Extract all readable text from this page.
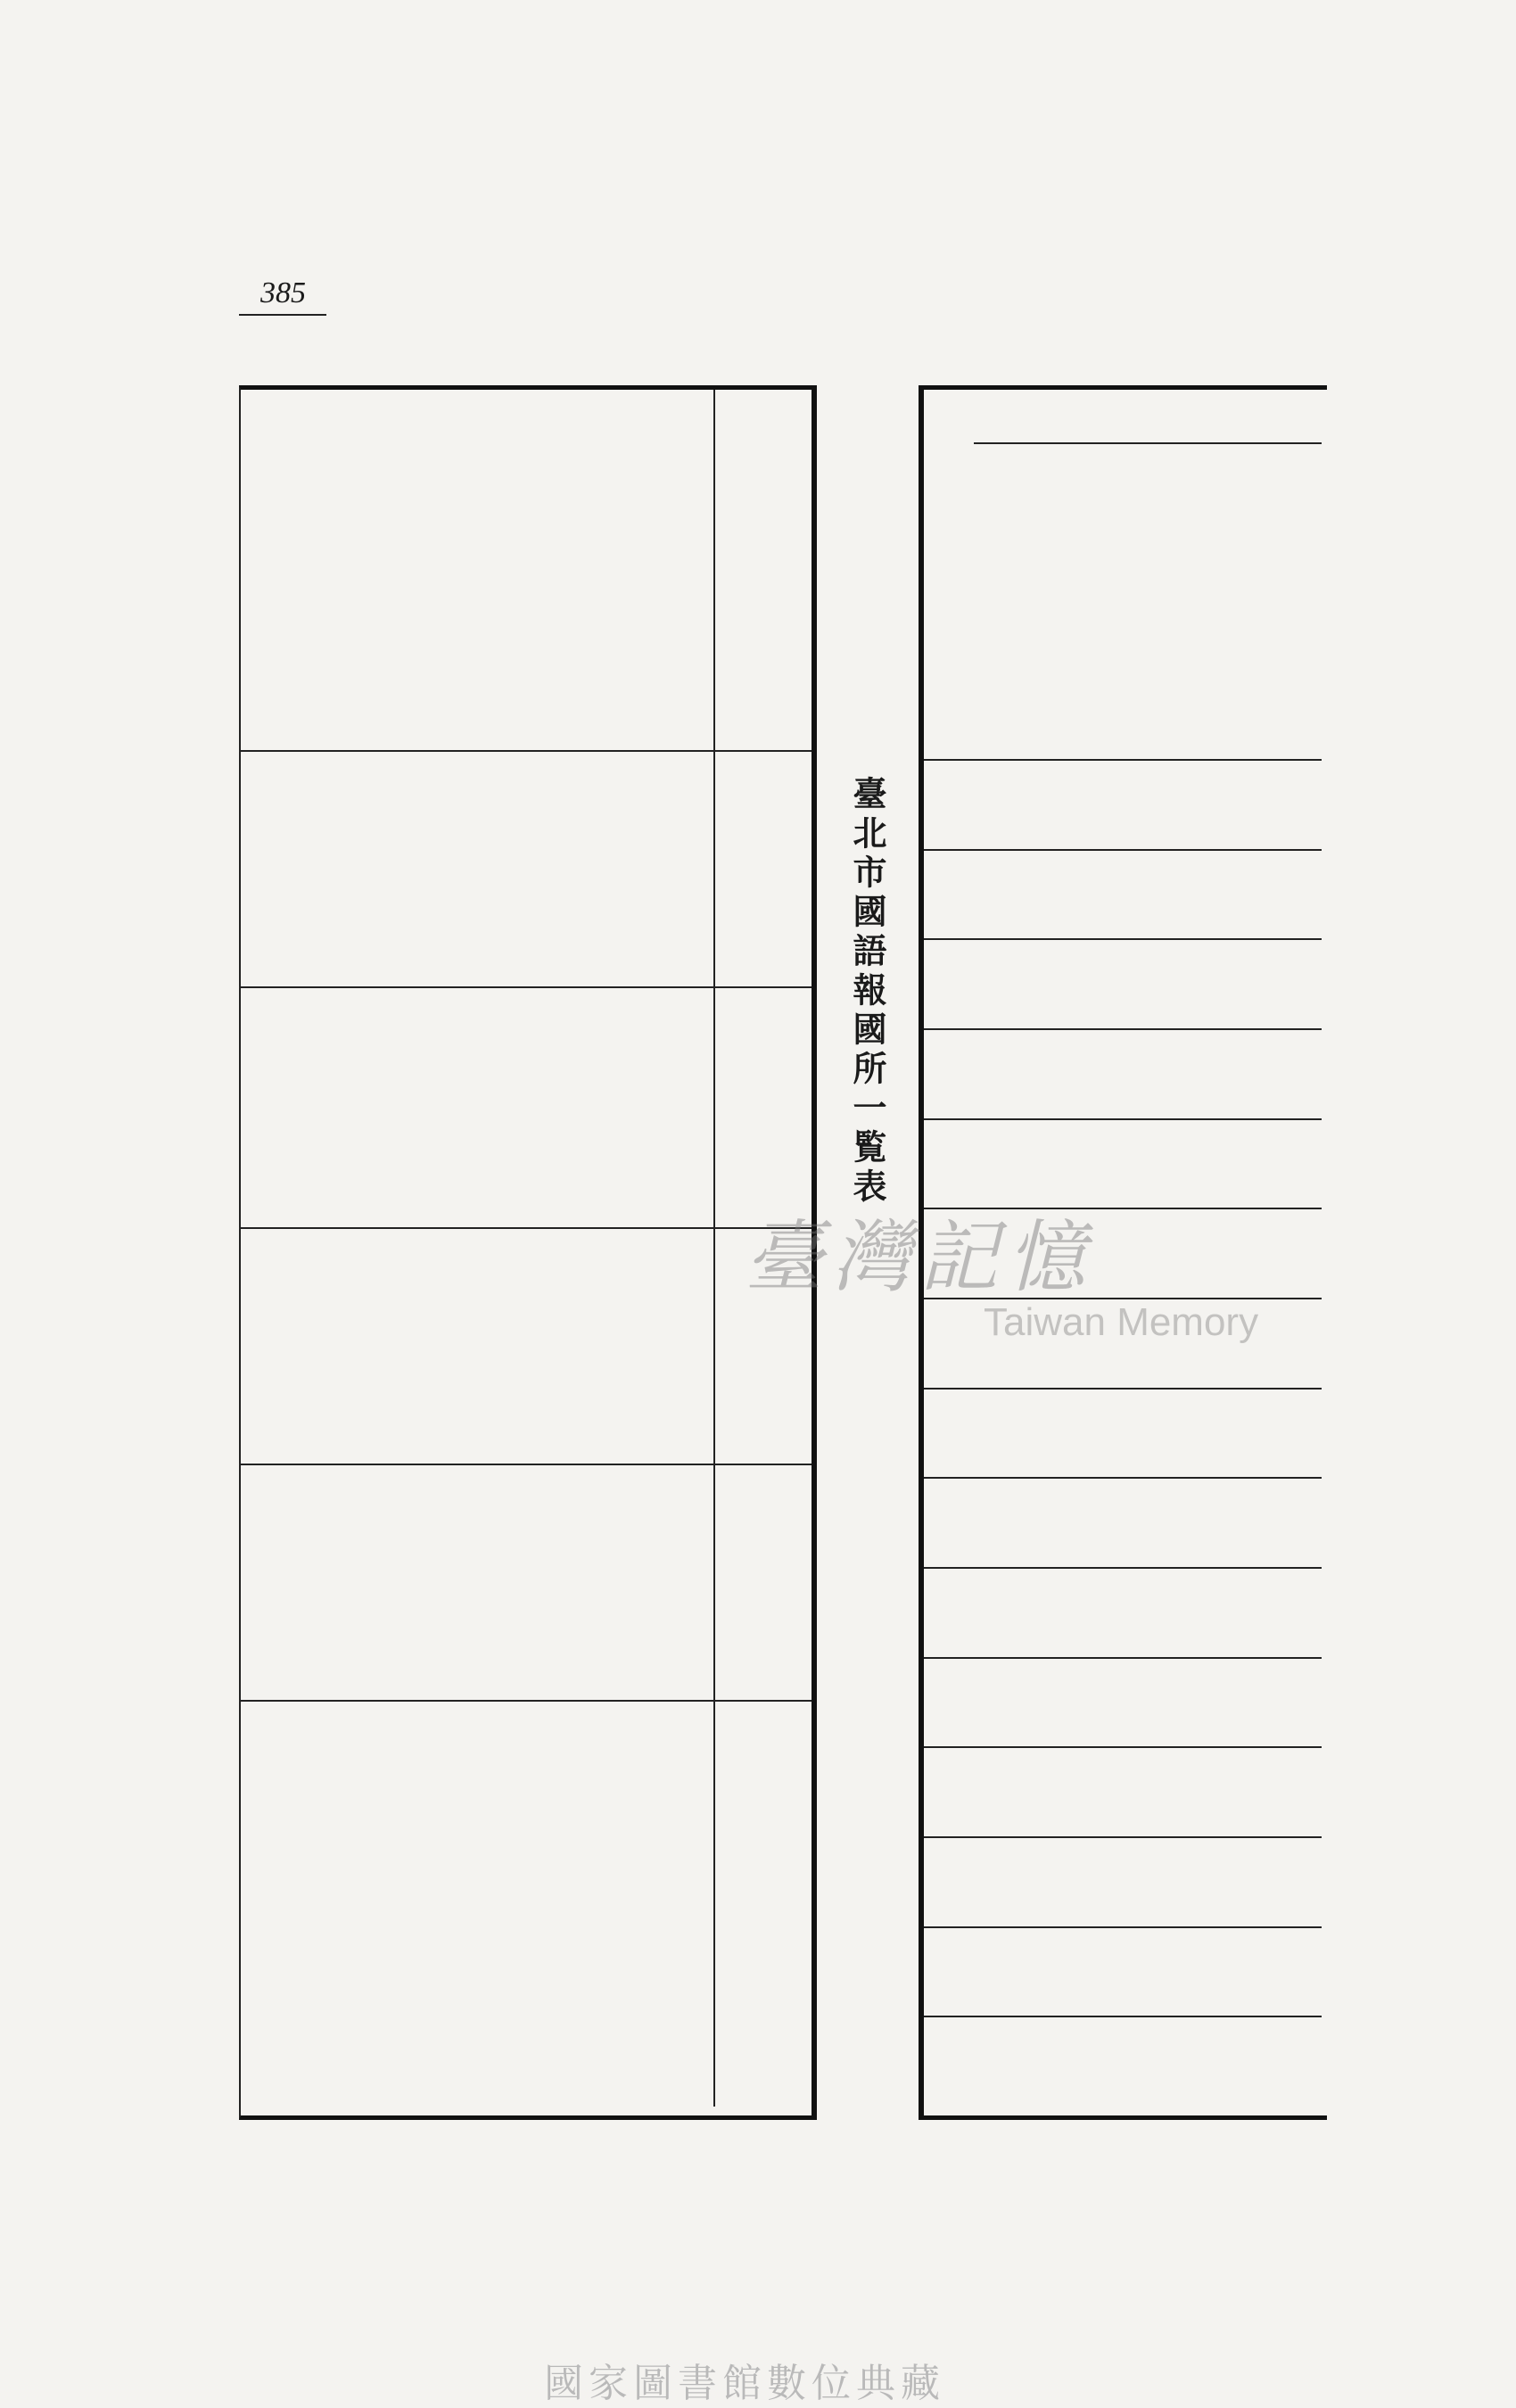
385
臺北市國語報國所一覧表
臺灣記憶
Taiwan Memory
國家圖書館數位典藏
